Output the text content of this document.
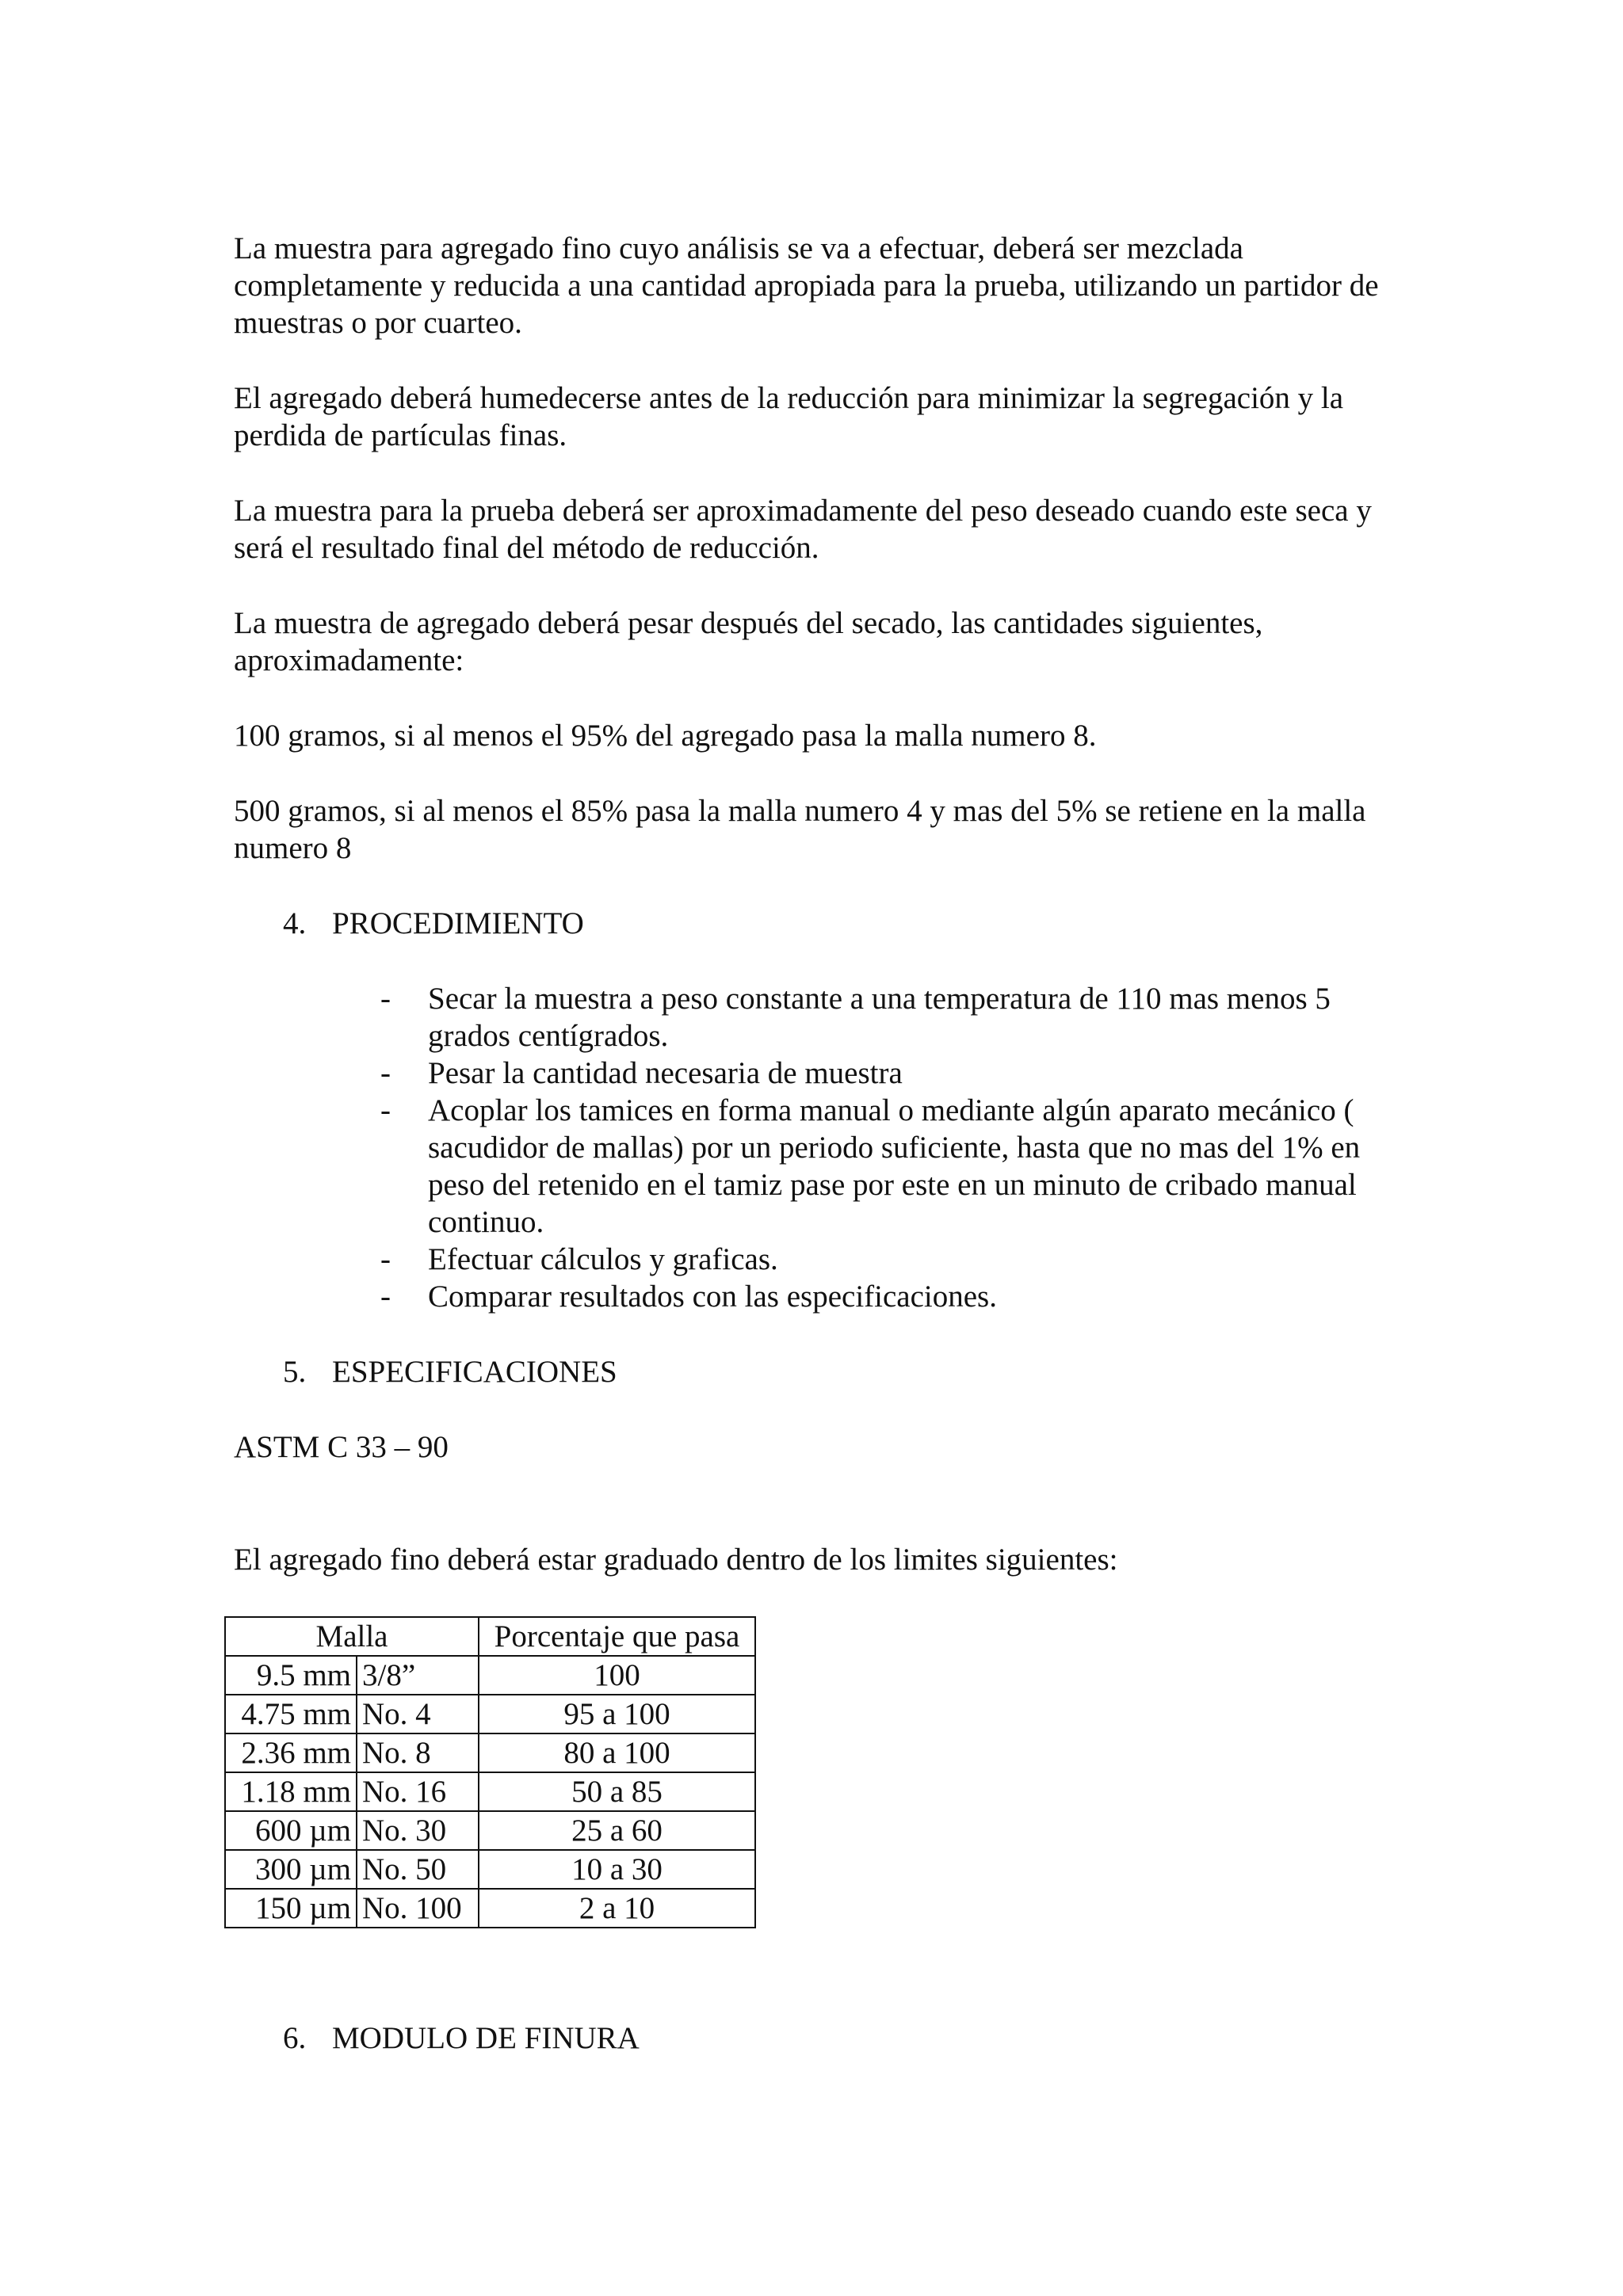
La muestra para agregado fino cuyo análisis se va a efectuar, deberá ser mezclada completamente y reducida a una cantidad apropiada para la prueba, utilizando un partidor de muestras o por cuarteo.

El agregado deberá humedecerse antes de la reducción para minimizar la segregación y la perdida de partículas finas.

La muestra para la prueba deberá ser aproximadamente del peso deseado cuando este seca y será el resultado final del método de reducción.

La muestra de agregado deberá pesar después del secado, las cantidades siguientes, aproximadamente:

100 gramos, si al menos el 95% del agregado pasa la malla numero 8.

500 gramos, si al menos el 85% pasa la malla numero 4 y mas del 5% se retiene en la malla numero 8

4. PROCEDIMIENTO

- Secar la muestra a peso constante a una temperatura de 110 mas menos 5 grados centígrados.
- Pesar la cantidad necesaria de muestra
- Acoplar los tamices en forma manual o mediante algún aparato mecánico ( sacudidor de mallas) por un periodo suficiente, hasta que no mas del 1% en peso del retenido en el tamiz pase por este en un minuto de cribado manual continuo.
- Efectuar cálculos y graficas.
- Comparar resultados con las especificaciones.

5. ESPECIFICACIONES

ASTM C 33 – 90

El agregado fino deberá estar graduado dentro de los limites siguientes:

Malla		Porcentaje que pasa
9.5 mm	3/8”	100
4.75 mm	No. 4	95 a 100
2.36 mm	No. 8	80 a 100
1.18 mm	No. 16	50 a 85
600 µm	No. 30	25 a 60
300 µm	No. 50	10 a 30
150 µm	No. 100	2 a 10

6. MODULO DE FINURA
